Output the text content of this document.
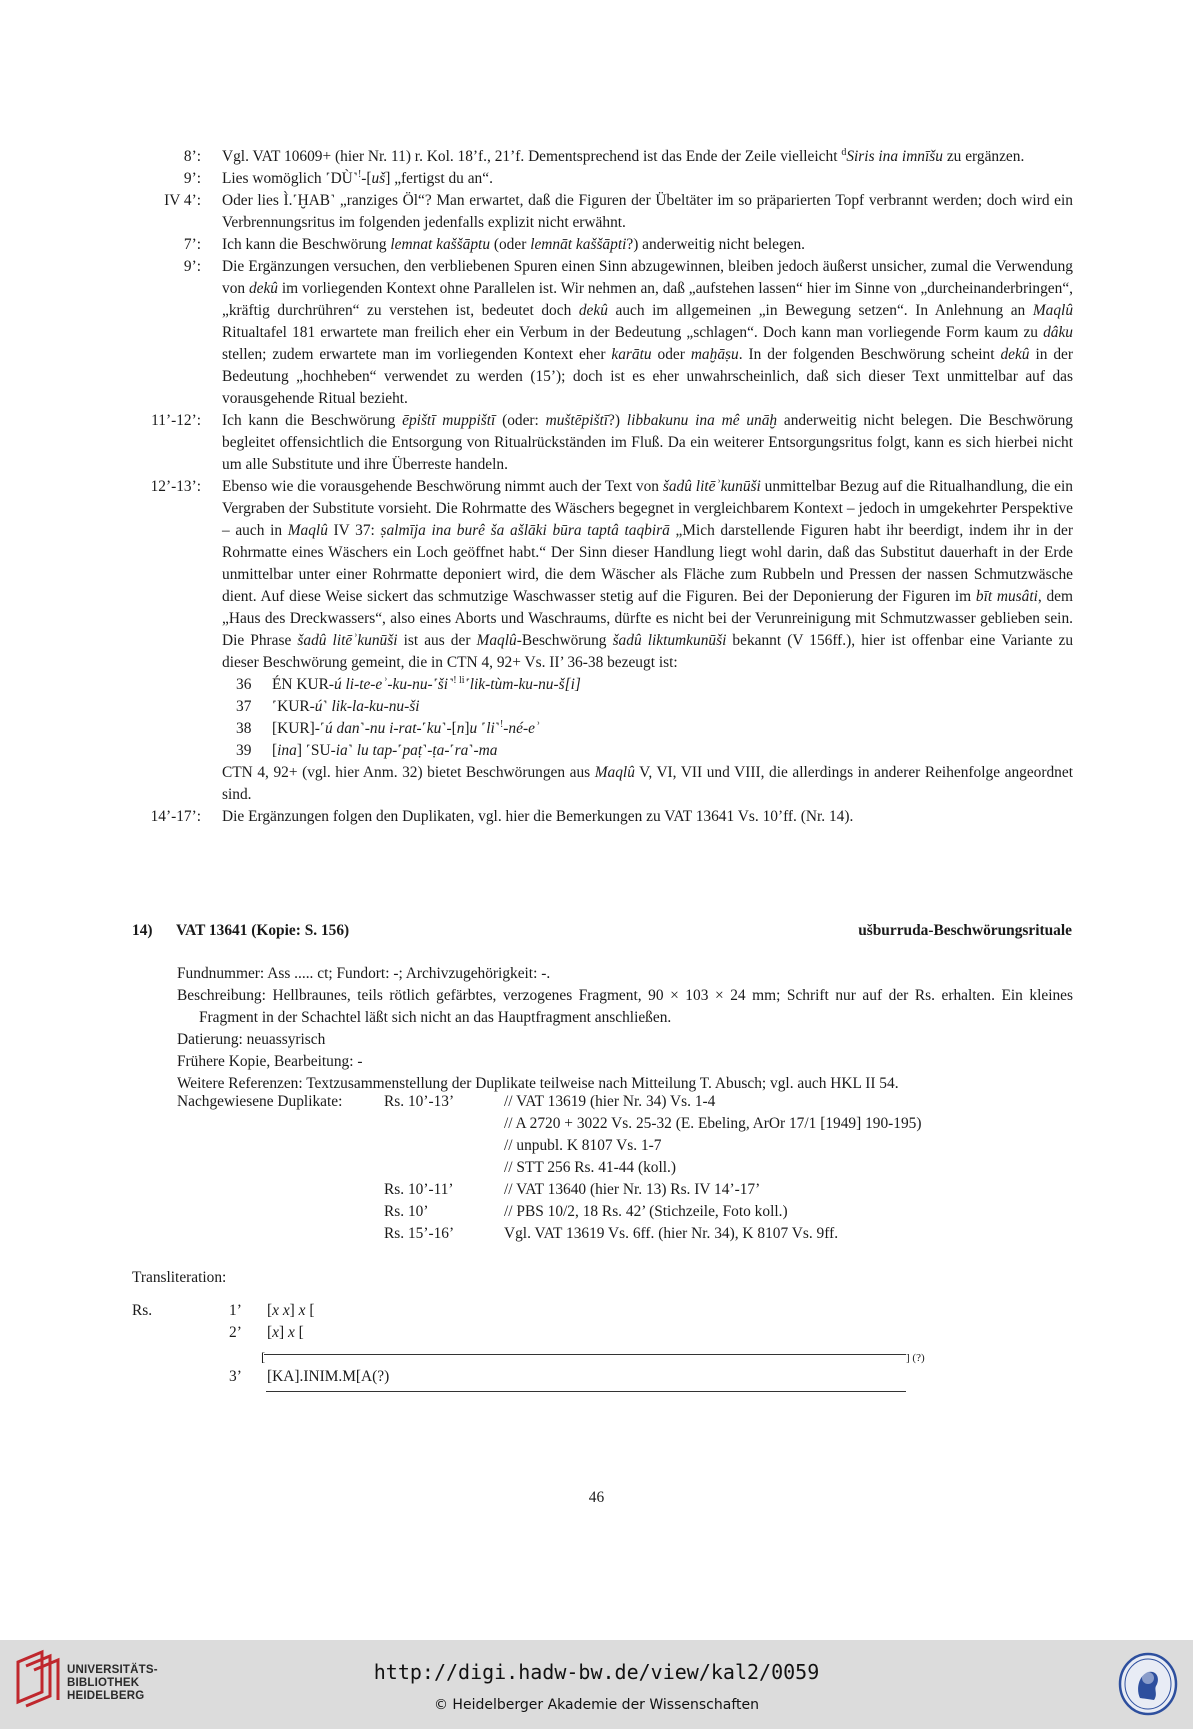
8’: Vgl. VAT 10609+ (hier Nr. 11) r. Kol. 18’f., 21’f. Dementsprechend ist das Ende der Zeile vielleicht $^d$Siris ina imnīšu zu ergänzen.
9’: Lies womöglich ˹DÙ˺!-[uš] „fertigst du an“.
IV 4’: Oder lies Ì.˹ḪAB˺ „ranziges Öl“? Man erwartet, daß die Figuren der Übeltäter im so präparierten Topf verbrannt werden; doch wird ein Verbrennungsritus im folgenden jedenfalls explizit nicht erwähnt.
7’: Ich kann die Beschwörung lemnat kaššāptu (oder lemnāt kaššāpti?) anderweitig nicht belegen.
9’: Die Ergänzungen versuchen, den verbliebenen Spuren einen Sinn abzugewinnen, bleiben jedoch äußerst unsicher, zumal die Verwendung von dekû im vorliegenden Kontext ohne Parallelen ist. Wir nehmen an, daß „aufstehen lassen“ hier im Sinne von „durcheinanderbringen“, „kräftig durchrühren“ zu verstehen ist, bedeutet doch dekû auch im allgemeinen „in Bewegung setzen“. In Anlehnung an Maqlû Ritualtafel 181 erwartete man freilich eher ein Verbum in der Bedeutung „schlagen“. Doch kann man vorliegende Form kaum zu dâku stellen; zudem erwartete man im vorliegenden Kontext eher karātu oder maḫāṣu. In der folgenden Beschwörung scheint dekû in der Bedeutung „hochheben“ verwendet zu werden (15’); doch ist es eher unwahrscheinlich, daß sich dieser Text unmittelbar auf das vorausgehende Ritual bezieht.
11’-12’: Ich kann die Beschwörung ēpištī muppištī (oder: muštēpištī?) libbakunu ina mê unāḫ anderweitig nicht belegen. Die Beschwörung begleitet offensichtlich die Entsorgung von Ritualrückständen im Fluß. Da ein weiterer Entsorgungsritus folgt, kann es sich hierbei nicht um alle Substitute und ihre Überreste handeln.
12’-13’: Ebenso wie die vorausgehende Beschwörung nimmt auch der Text von šadû litēʾkunūši unmittelbar Bezug auf die Ritualhandlung, die ein Vergraben der Substitute vorsieht. Die Rohrmatte des Wäschers begegnet in vergleichbarem Kontext – jedoch in umgekehrter Perspektive – auch in Maqlû IV 37: ṣalmīja ina burê ša ašlāki būra taptâ taqbirā „Mich darstellende Figuren habt ihr beerdigt, indem ihr in der Rohrmatte eines Wäschers ein Loch geöffnet habt.“ Der Sinn dieser Handlung liegt wohl darin, daß das Substitut dauerhaft in der Erde unmittelbar unter einer Rohrmatte deponiert wird, die dem Wäscher als Fläche zum Rubbeln und Pressen der nassen Schmutzwäsche dient. Auf diese Weise sickert das schmutzige Waschwasser stetig auf die Figuren. Bei der Deponierung der Figuren im bīt musâti, dem „Haus des Dreckwassers“, also eines Aborts und Waschraums, dürfte es nicht bei der Verunreinigung mit Schmutzwasser geblieben sein. Die Phrase šadû litēʾkunūši ist aus der Maqlû-Beschwörung šadû liktumkunūši bekannt (V 156ff.), hier ist offenbar eine Variante zu dieser Beschwörung gemeint, die in CTN 4, 92+ Vs. II’ 36-38 bezeugt ist:
36	ÉN KUR-ú li-te-eʾ-ku-nu-˹ši˺$^{! li}$˹lik-tùm-ku-nu-š[i]
37	˹KUR-ú˺ lik-la-ku-nu-ši
38	[KUR]-˹ú dan˺-nu i-rat-˹ku˺-[n]u ˹li˺!-né-eʾ
39	[ina] ˹SU-ia˺ lu tap-˹paṭ˺-ṭa-˹ra˺-ma
CTN 4, 92+ (vgl. hier Anm. 32) bietet Beschwörungen aus Maqlû V, VI, VII und VIII, die allerdings in anderer Reihenfolge angeordnet sind.
14’-17’: Die Ergänzungen folgen den Duplikaten, vgl. hier die Bemerkungen zu VAT 13641 Vs. 10’ff. (Nr. 14).
14) VAT 13641 (Kopie: S. 156)	ušburruda-Beschwörungsrituale
Fundnummer: Ass ..... ct; Fundort: -; Archivzugehörigkeit: -.
Beschreibung: Hellbraunes, teils rötlich gefärbtes, verzogenes Fragment, 90 × 103 × 24 mm; Schrift nur auf der Rs. erhalten. Ein kleines Fragment in der Schachtel läßt sich nicht an das Hauptfragment anschließen.
Datierung: neuassyrisch
Frühere Kopie, Bearbeitung: -
Weitere Referenzen: Textzusammenstellung der Duplikate teilweise nach Mitteilung T. Abusch; vgl. auch HKL II 54.
Nachgewiesene Duplikate:	Rs. 10’-13’	// VAT 13619 (hier Nr. 34) Vs. 1-4
// A 2720 + 3022 Vs. 25-32 (E. Ebeling, ArOr 17/1 [1949] 190-195)
// unpubl. K 8107 Vs. 1-7
// STT 256 Rs. 41-44 (koll.)
Rs. 10’-11’	// VAT 13640 (hier Nr. 13) Rs. IV 14’-17’
Rs. 10’	// PBS 10/2, 18 Rs. 42’ (Stichzeile, Foto koll.)
Rs. 15’-16’	Vgl. VAT 13619 Vs. 6ff. (hier Nr. 34), K 8107 Vs. 9ff.
Transliteration:
Rs.	1’ [x x] x [
2’ [x] x [
[	] (?)
3’ [KA].INIM.M[A(?)
46
UNIVERSITÄTS-
BIBLIOTHEK
HEIDELBERG
http://digi.hadw-bw.de/view/kal2/0059
© Heidelberger Akademie der Wissenschaften
